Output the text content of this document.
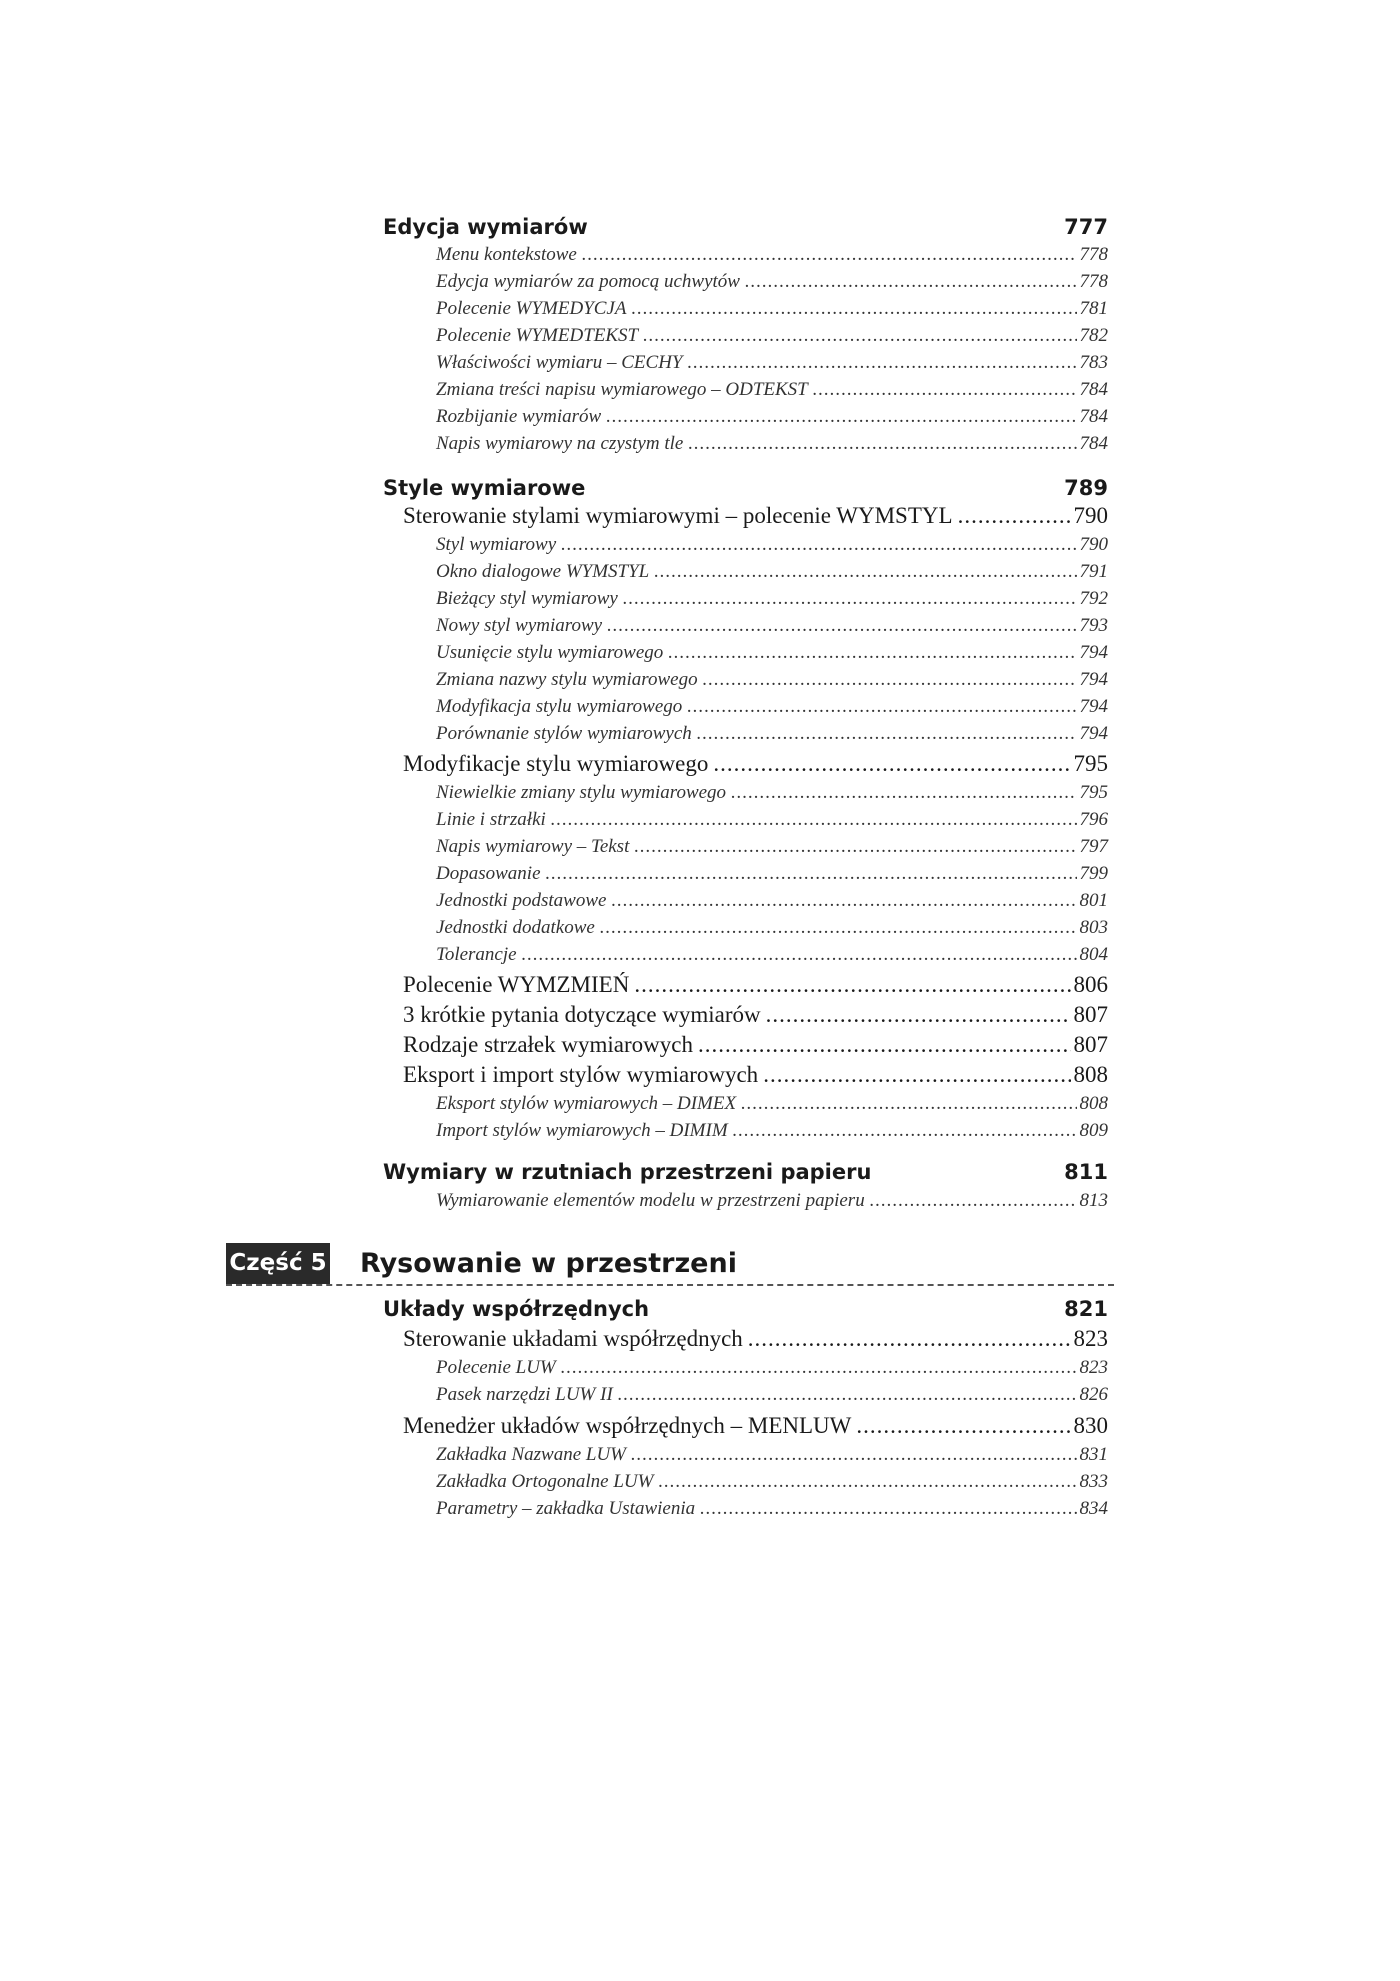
Edycja wymiarów	777
Menu kontekstowe .....	778
Edycja wymiarów za pomocą uchwytów .....	778
Polecenie WYMEDYCJA .....	781
Polecenie WYMEDTEKST .....	782
Właściwości wymiaru – CECHY .....	783
Zmiana treści napisu wymiarowego – ODTEKST .....	784
Rozbijanie wymiarów .....	784
Napis wymiarowy na czystym tle .....	784
Style wymiarowe	789
Sterowanie stylami wymiarowymi – polecenie WYMSTYL .....	790
Styl wymiarowy .....	790
Okno dialogowe WYMSTYL .....	791
Bieżący styl wymiarowy .....	792
Nowy styl wymiarowy .....	793
Usunięcie stylu wymiarowego .....	794
Zmiana nazwy stylu wymiarowego .....	794
Modyfikacja stylu wymiarowego .....	794
Porównanie stylów wymiarowych .....	794
Modyfikacje stylu wymiarowego .....	795
Niewielkie zmiany stylu wymiarowego .....	795
Linie i strzałki .....	796
Napis wymiarowy – Tekst .....	797
Dopasowanie .....	799
Jednostki podstawowe .....	801
Jednostki dodatkowe .....	803
Tolerancje .....	804
Polecenie WYMZMIEŃ .....	806
3 krótkie pytania dotyczące wymiarów .....	807
Rodzaje strzałek wymiarowych .....	807
Eksport i import stylów wymiarowych .....	808
Eksport stylów wymiarowych – DIMEX .....	808
Import stylów wymiarowych – DIMIM .....	809
Wymiary w rzutniach przestrzeni papieru	811
Wymiarowanie elementów modelu w przestrzeni papieru .....	813
Układy współrzędnych	821
Sterowanie układami współrzędnych .....	823
Polecenie LUW .....	823
Pasek narzędzi LUW II .....	826
Menedżer układów współrzędnych – MENLUW .....	830
Zakładka Nazwane LUW .....	831
Zakładka Ortogonalne LUW .....	833
Parametry – zakładka Ustawienia .....	834
Część 5 Rysowanie w przestrzeni
